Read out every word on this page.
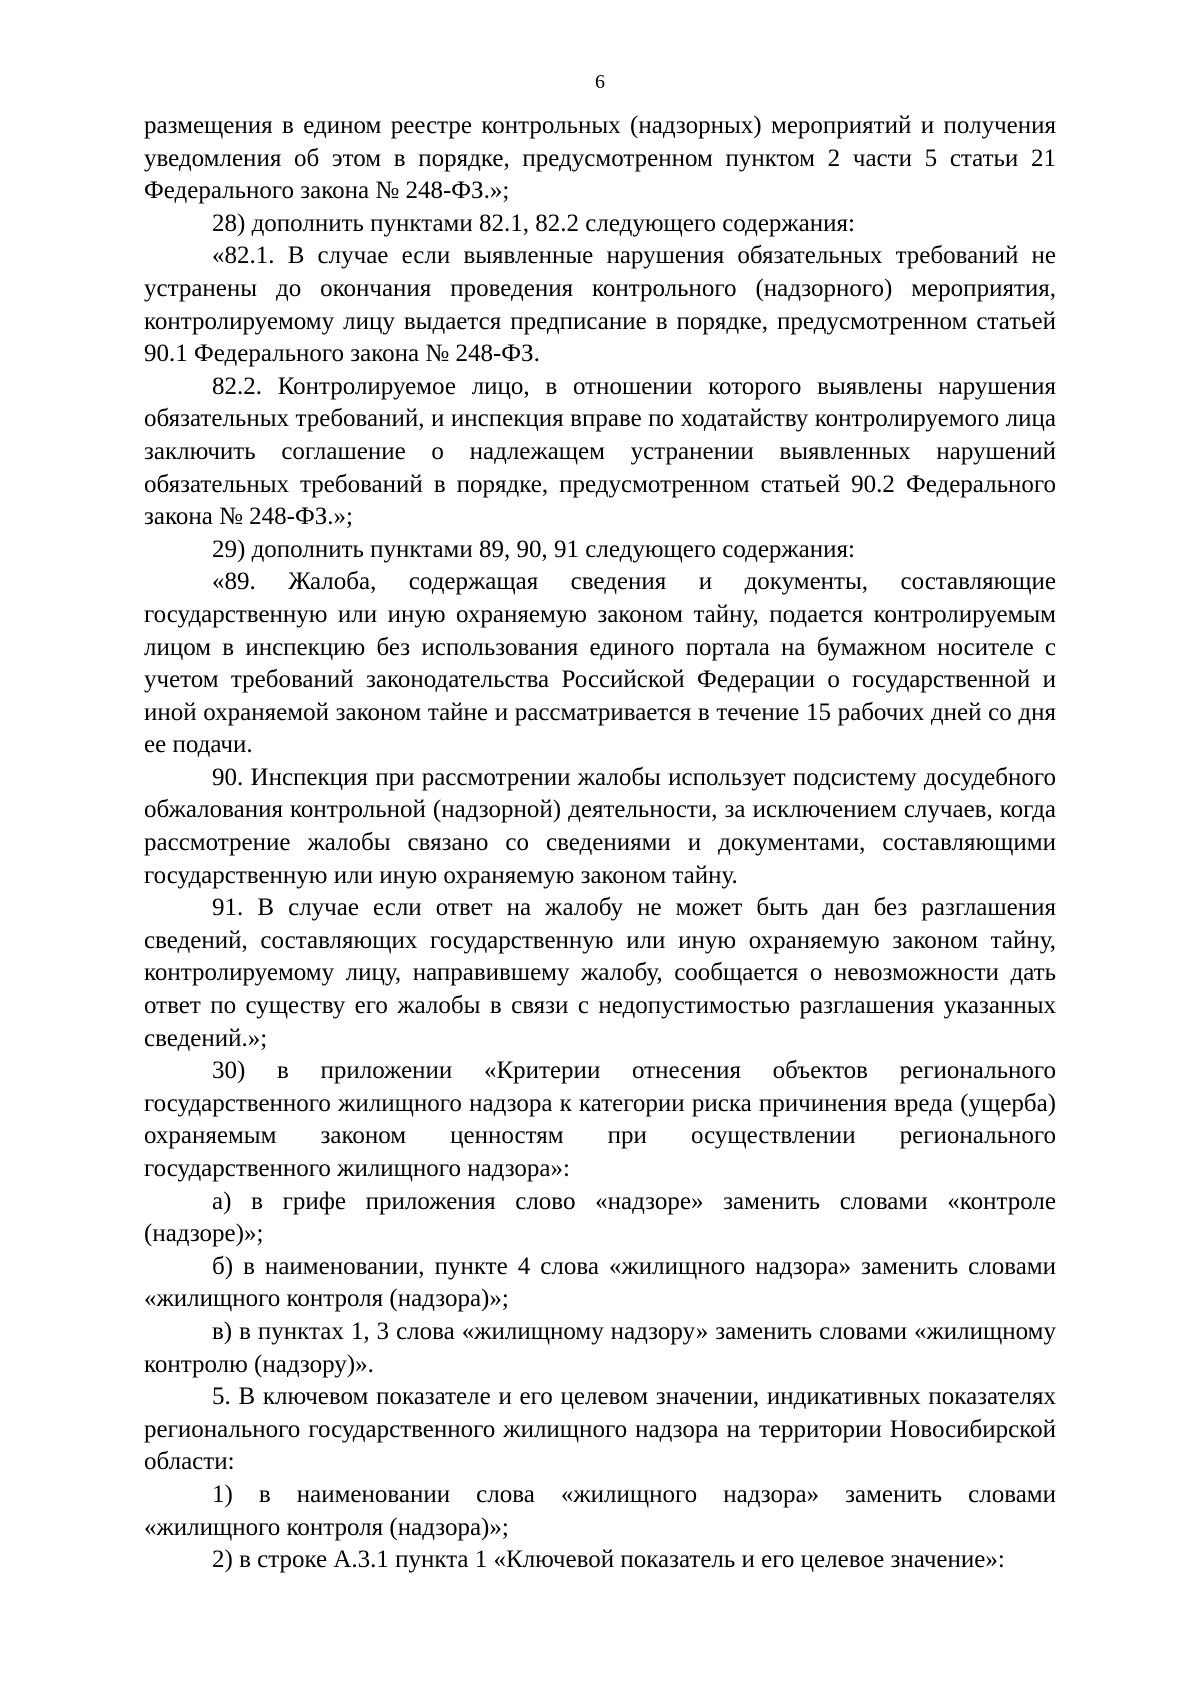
6

размещения в едином реестре контрольных (надзорных) мероприятий и получения уведомления об этом в порядке, предусмотренном пунктом 2 части 5 статьи 21 Федерального закона № 248-ФЗ.»;

28) дополнить пунктами 82.1, 82.2 следующего содержания:

«82.1. В случае если выявленные нарушения обязательных требований не устранены до окончания проведения контрольного (надзорного) мероприятия, контролируемому лицу выдается предписание в порядке, предусмотренном статьей 90.1 Федерального закона № 248-ФЗ.

82.2. Контролируемое лицо, в отношении которого выявлены нарушения обязательных требований, и инспекция вправе по ходатайству контролируемого лица заключить соглашение о надлежащем устранении выявленных нарушений обязательных требований в порядке, предусмотренном статьей 90.2 Федерального закона № 248-ФЗ.»;

29) дополнить пунктами 89, 90, 91 следующего содержания:

«89. Жалоба, содержащая сведения и документы, составляющие государственную или иную охраняемую законом тайну, подается контролируемым лицом в инспекцию без использования единого портала на бумажном носителе с учетом требований законодательства Российской Федерации о государственной и иной охраняемой законом тайне и рассматривается в течение 15 рабочих дней со дня ее подачи.

90. Инспекция при рассмотрении жалобы использует подсистему досудебного обжалования контрольной (надзорной) деятельности, за исключением случаев, когда рассмотрение жалобы связано со сведениями и документами, составляющими государственную или иную охраняемую законом тайну.

91. В случае если ответ на жалобу не может быть дан без разглашения сведений, составляющих государственную или иную охраняемую законом тайну, контролируемому лицу, направившему жалобу, сообщается о невозможности дать ответ по существу его жалобы в связи с недопустимостью разглашения указанных сведений.»;

30) в приложении «Критерии отнесения объектов регионального государственного жилищного надзора к категории риска причинения вреда (ущерба) охраняемым законом ценностям при осуществлении регионального государственного жилищного надзора»:

а) в грифе приложения слово «надзоре» заменить словами «контроле (надзоре)»;

б) в наименовании, пункте 4 слова «жилищного надзора» заменить словами «жилищного контроля (надзора)»;

в) в пунктах 1, 3 слова «жилищному надзору» заменить словами «жилищному контролю (надзору)».

5. В ключевом показателе и его целевом значении, индикативных показателях регионального государственного жилищного надзора на территории Новосибирской области:

1) в наименовании слова «жилищного надзора» заменить словами «жилищного контроля (надзора)»;

2) в строке А.3.1 пункта 1 «Ключевой показатель и его целевое значение»:
